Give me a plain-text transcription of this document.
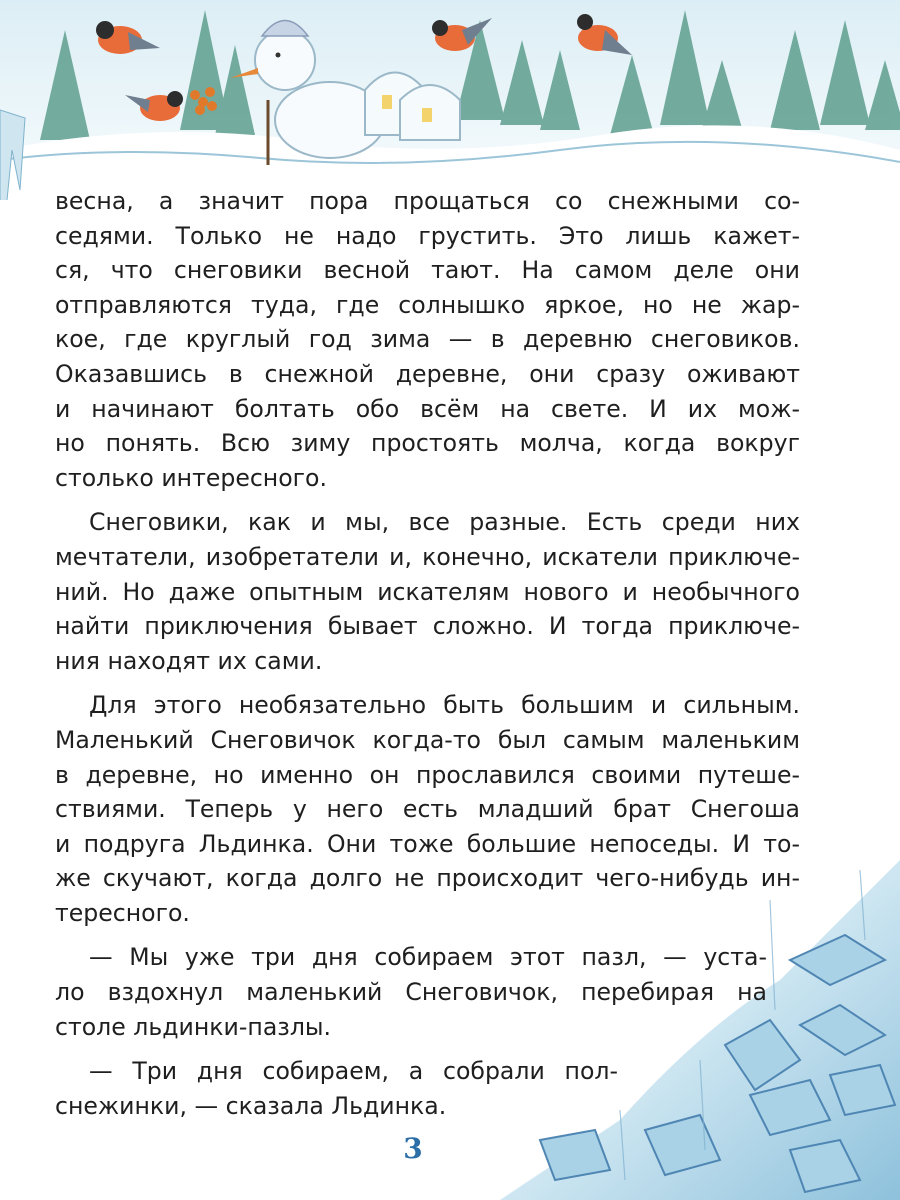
весна, а значит пора прощаться со снежными со-
седями. Только не надо грустить. Это лишь кажет-
ся, что снеговики весной тают. На самом деле они
отправляются туда, где солнышко яркое, но не жар-
кое, где круглый год зима — в деревню снеговиков.
Оказавшись в снежной деревне, они сразу оживают
и начинают болтать обо всём на свете. И их мож-
но понять. Всю зиму простоять молча, когда вокруг
столько интересного.

Снеговики, как и мы, все разные. Есть среди них
мечтатели, изобретатели и, конечно, искатели приключе-
ний. Но даже опытным искателям нового и необычного
найти приключения бывает сложно. И тогда приключе-
ния находят их сами.

Для этого необязательно быть большим и сильным.
Маленький Снеговичок когда-то был самым маленьким
в деревне, но именно он прославился своими путеше-
ствиями. Теперь у него есть младший брат Снегоша
и подруга Льдинка. Они тоже большие непоседы. И то-
же скучают, когда долго не происходит чего-нибудь ин-
тересного.

— Мы уже три дня собираем этот пазл, — уста-
ло вздохнул маленький Снеговичок, перебирая на
столе льдинки-пазлы.

— Три дня собираем, а собрали пол-
снежинки, — сказала Льдинка.

3
